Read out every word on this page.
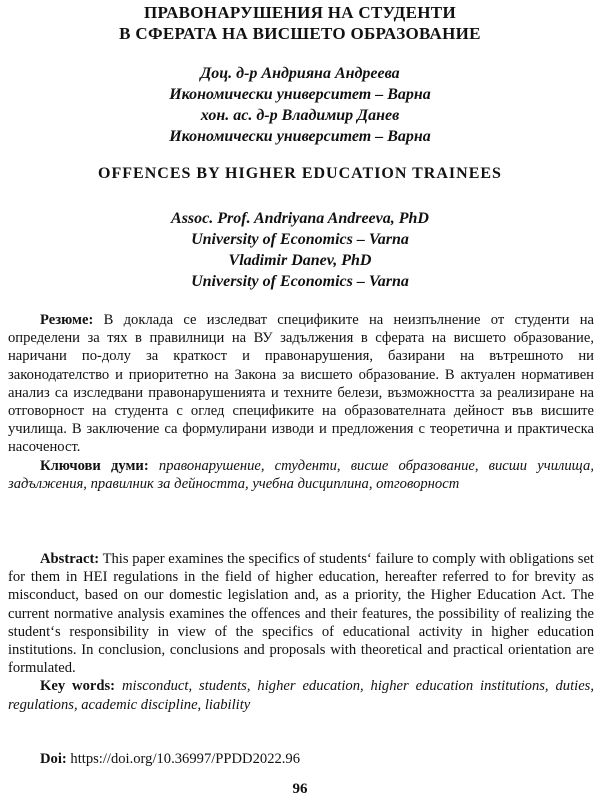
ПРАВОНАРУШЕНИЯ НА СТУДЕНТИ

В СФЕРАТА НА ВИСШЕТО ОБРАЗОВАНИЕ

Доц. д-р Андрияна Андреева
Икономически университет – Варна
хон. ас. д-р Владимир Данев
Икономически университет – Варна
OFFENCES BY HIGHER EDUCATION TRAINEES
Assoc. Prof. Andriyana Andreeva, PhD
University of Economics – Varna
Vladimir Danev, PhD
University of Economics – Varna

Резюме: В доклада се изследват спецификите на неизпълнение от студенти на определени за тях в правилници на ВУ задължения в сферата на висшето образование, наричани по-долу за краткост и правонарушения, базирани на вътрешното ни законодателство и приоритетно на Закона за висшето образование. В актуален нормативен анализ са изследвани правонарушенията и техните белези, възможността за реализиране на отговорност на студента с оглед спецификите на образователната дейност във висшите училища. В заключение са формулирани изводи и предложения с теоретична и практическа насоченост.

Ключови думи: правонарушение, студенти, висше образование, висши училища, задължения, правилник за дейността, учебна дисциплина, отговорност

Abstract: This paper examines the specifics of students‘ failure to comply with obligations set for them in HEI regulations in the field of higher education, hereafter referred to for brevity as misconduct, based on our domestic legislation and, as a priority, the Higher Education Act. The current normative analysis examines the offences and their features, the possibility of realizing the student‘s responsibility in view of the specifics of educational activity in higher education institutions. In conclusion, conclusions and proposals with theoretical and practical orientation are formulated.

Key words: misconduct, students, higher education, higher education institutions, duties, regulations, academic discipline, liability

Doi: https://doi.org/10.36997/PPDD2022.96
96
